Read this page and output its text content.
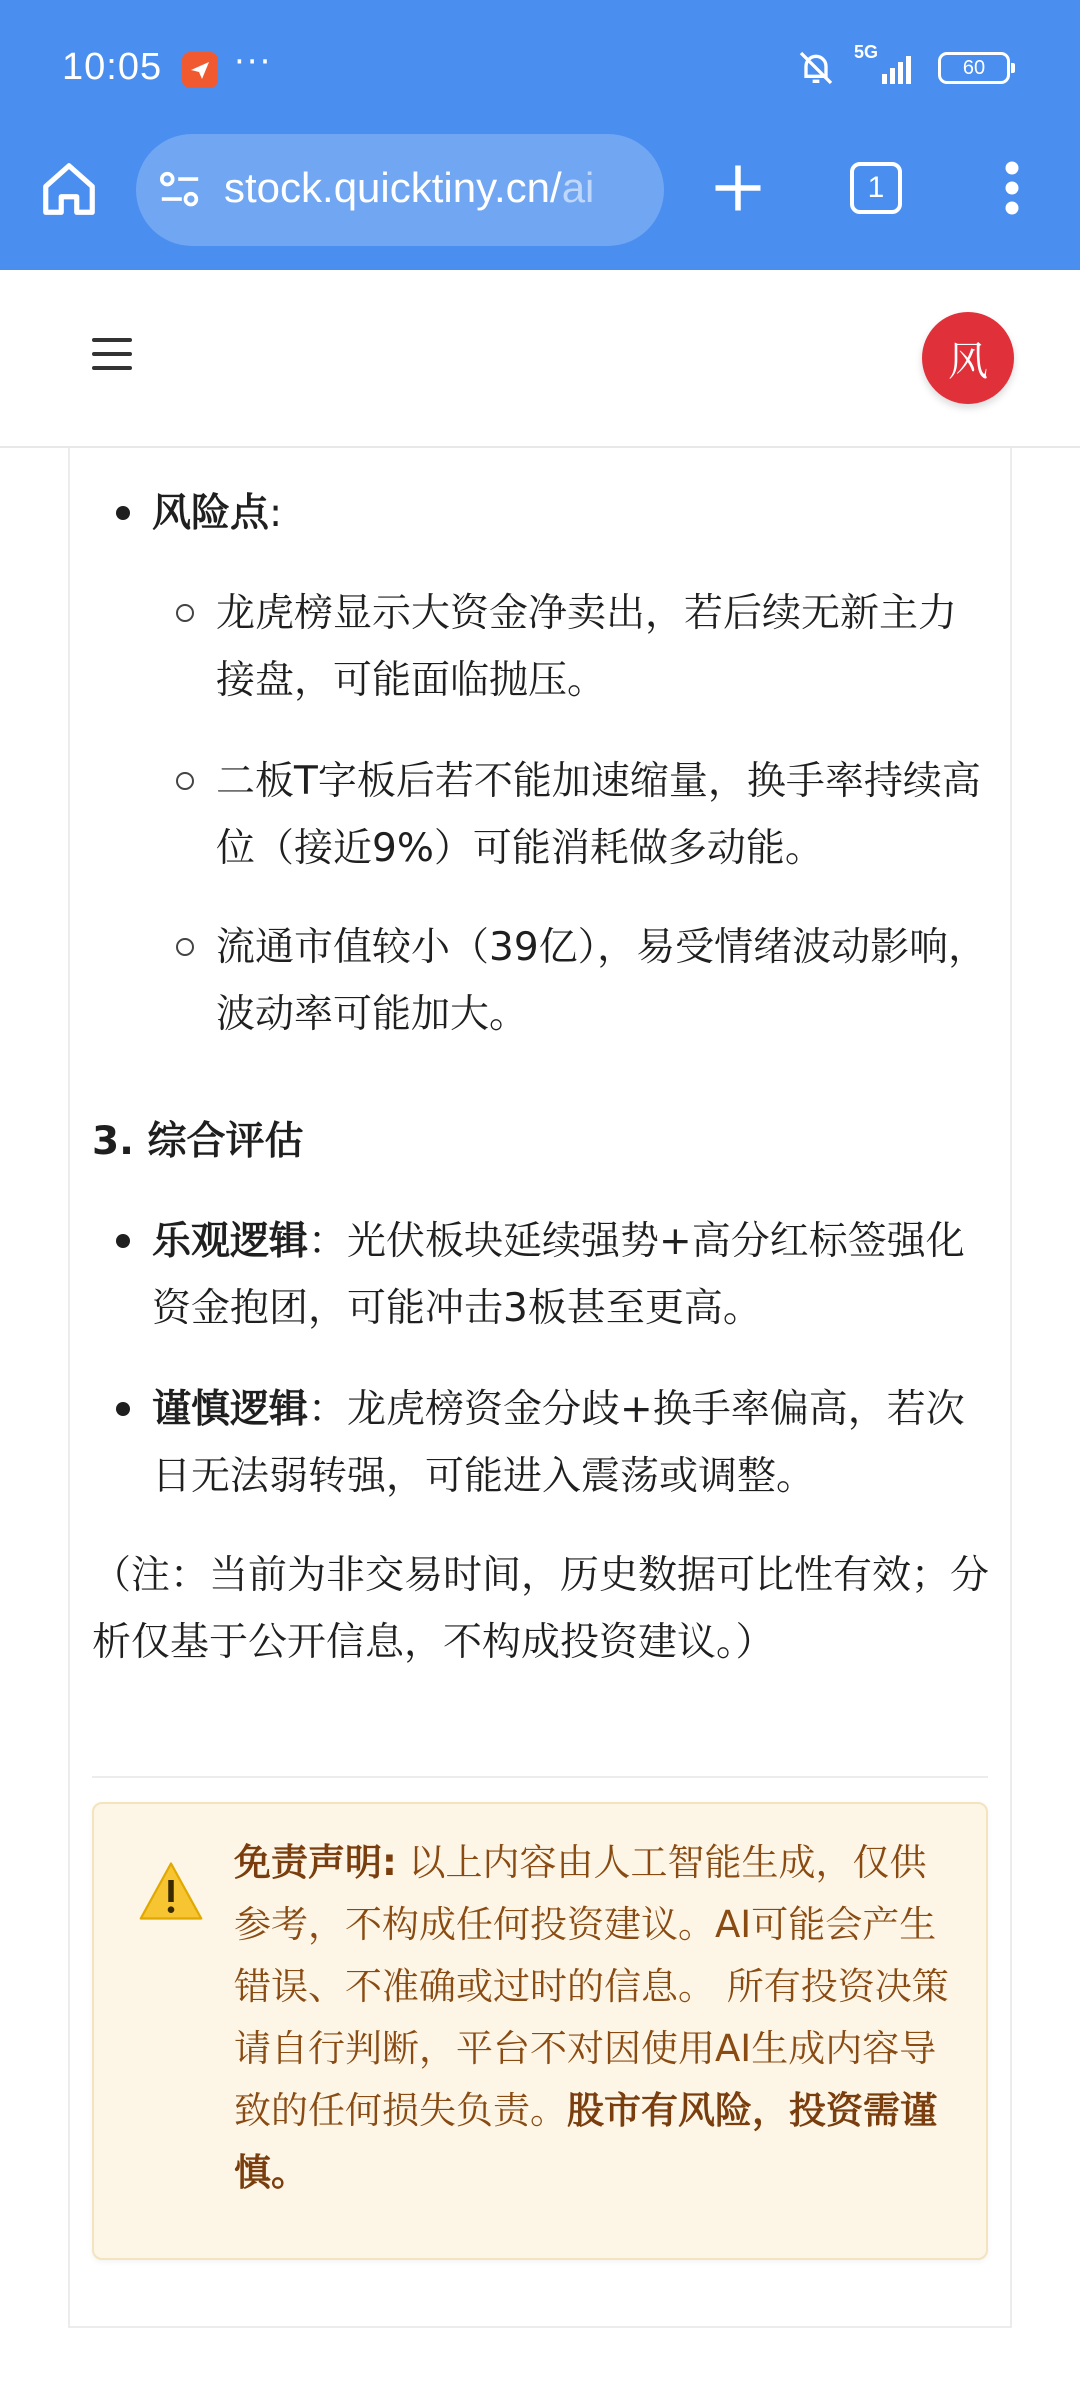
10:05 ···	5G
60
stock.quicktiny.cn/ai	1
风
风险点:
龙虎榜显示大资金净卖出，若后续无新主力接盘，可能面临抛压。
二板T字板后若不能加速缩量，换手率持续高位（接近9%）可能消耗做多动能。
流通市值较小（39亿），易受情绪波动影响，波动率可能加大。
3. 综合评估
乐观逻辑：光伏板块延续强势+高分红标签强化资金抱团，可能冲击3板甚至更高。
谨慎逻辑：龙虎榜资金分歧+换手率偏高，若次日无法弱转强，可能进入震荡或调整。
（注：当前为非交易时间，历史数据可比性有效；分析仅基于公开信息，不构成投资建议。）
免责声明: 以上内容由人工智能生成，仅供参考，不构成任何投资建议。AI可能会产生错误、不准确或过时的信息。 所有投资决策请自行判断，平台不对因使用AI生成内容导致的任何损失负责。股市有风险，投资需谨慎。
